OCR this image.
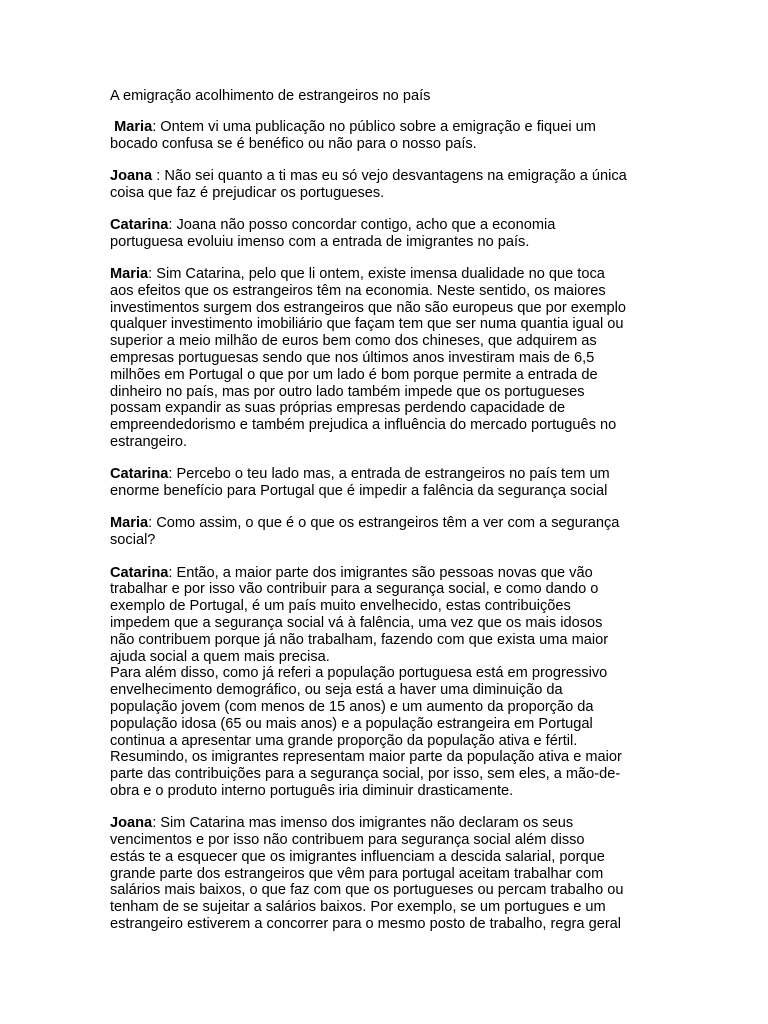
A emigração acolhimento de estrangeiros no país

Maria: Ontem vi uma publicação no público sobre a emigração e fiquei um
bocado confusa se é benéfico ou não para o nosso país.

Joana : Não sei quanto a ti mas eu só vejo desvantagens na emigração a única
coisa que faz é prejudicar os portugueses.

Catarina: Joana não posso concordar contigo, acho que a economia
portuguesa evoluiu imenso com a entrada de imigrantes no país.

Maria: Sim Catarina, pelo que li ontem, existe imensa dualidade no que toca
aos efeitos que os estrangeiros têm na economia. Neste sentido, os maiores
investimentos surgem dos estrangeiros que não são europeus que por exemplo
qualquer investimento imobiliário que façam tem que ser numa quantia igual ou
superior a meio milhão de euros bem como dos chineses, que adquirem as
empresas portuguesas sendo que nos últimos anos investiram mais de 6,5
milhões em Portugal o que por um lado é bom porque permite a entrada de
dinheiro no país, mas por outro lado também impede que os portugueses
possam expandir as suas próprias empresas perdendo capacidade de
empreendedorismo e também prejudica a influência do mercado português no
estrangeiro.

Catarina: Percebo o teu lado mas, a entrada de estrangeiros no país tem um
enorme benefício para Portugal que é impedir a falência da segurança social

Maria: Como assim, o que é o que os estrangeiros têm a ver com a segurança
social?

Catarina: Então, a maior parte dos imigrantes são pessoas novas que vão
trabalhar e por isso vão contribuir para a segurança social, e como dando o
exemplo de Portugal, é um país muito envelhecido, estas contribuições
impedem que a segurança social vá à falência, uma vez que os mais idosos
não contribuem porque já não trabalham, fazendo com que exista uma maior
ajuda social a quem mais precisa.
Para além disso, como já referi a população portuguesa está em progressivo
envelhecimento demográfico, ou seja está a haver uma diminuição da
população jovem (com menos de 15 anos) e um aumento da proporção da
população idosa (65 ou mais anos) e a população estrangeira em Portugal
continua a apresentar uma grande proporção da população ativa e fértil.
Resumindo, os imigrantes representam maior parte da população ativa e maior
parte das contribuições para a segurança social, por isso, sem eles, a mão-de-
obra e o produto interno português iria diminuir drasticamente.

Joana: Sim Catarina mas imenso dos imigrantes não declaram os seus
vencimentos e por isso não contribuem para segurança social além disso
estás te a esquecer que os imigrantes influenciam a descida salarial, porque
grande parte dos estrangeiros que vêm para portugal aceitam trabalhar com
salários mais baixos, o que faz com que os portugueses ou percam trabalho ou
tenham de se sujeitar a salários baixos. Por exemplo, se um portugues e um
estrangeiro estiverem a concorrer para o mesmo posto de trabalho, regra geral
